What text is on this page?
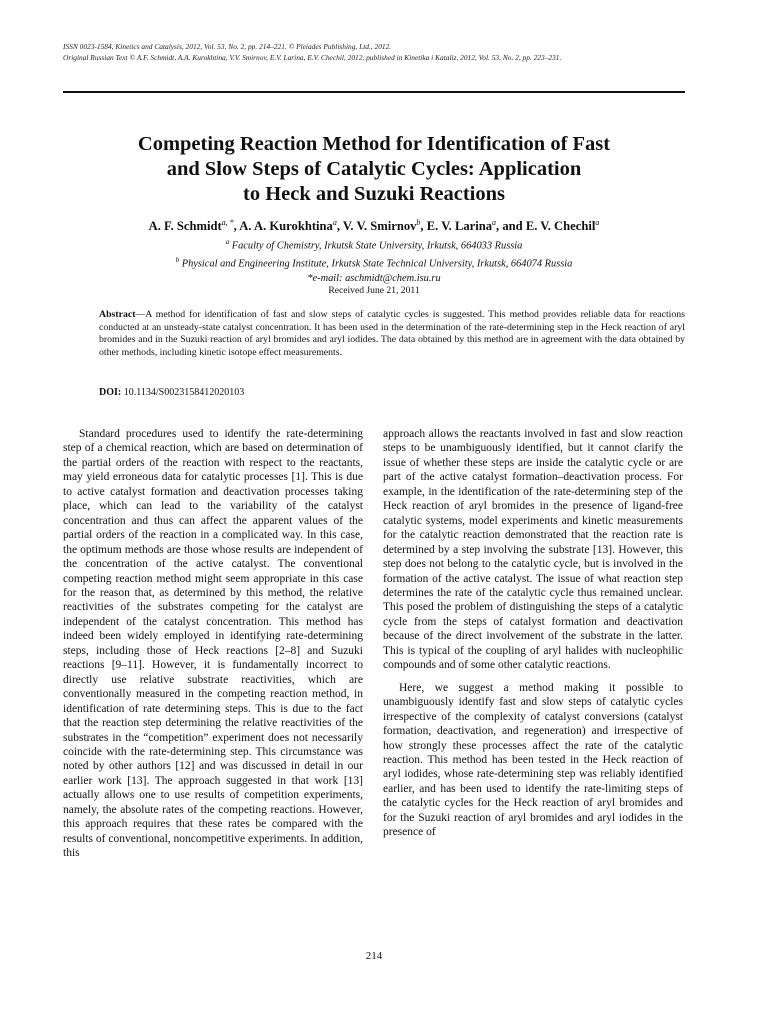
ISSN 0023-1584, Kinetics and Catalysis, 2012, Vol. 53, No. 2, pp. 214–221. © Pleiades Publishing, Ltd., 2012.
Original Russian Text © A.F. Schmidt, A.A. Kurokhtina, V.V. Smirnov, E.V. Larina, E.V. Chechil, 2012, published in Kinetika i Kataliz, 2012, Vol. 53, No. 2, pp. 223–231.
Competing Reaction Method for Identification of Fast
and Slow Steps of Catalytic Cycles: Application
to Heck and Suzuki Reactions
A. F. Schmidt$^{a, *}$, A. A. Kurokhtina$^a$, V. V. Smirnov$^b$, E. V. Larina$^a$, and E. V. Chechil$^a$
$^a$ Faculty of Chemistry, Irkutsk State University, Irkutsk, 664033 Russia
$^b$ Physical and Engineering Institute, Irkutsk State Technical University, Irkutsk, 664074 Russia
*e-mail: aschmidt@chem.isu.ru
Received June 21, 2011
Abstract—A method for identification of fast and slow steps of catalytic cycles is suggested. This method provides reliable data for reactions conducted at an unsteady-state catalyst concentration. It has been used in the determination of the rate-determining step in the Heck reaction of aryl bromides and in the Suzuki reaction of aryl bromides and aryl iodides. The data obtained by this method are in agreement with the data obtained by other methods, including kinetic isotope effect measurements.
DOI: 10.1134/S0023158412020103

Standard procedures used to identify the rate-determining step of a chemical reaction, which are based on determination of the partial orders of the reaction with respect to the reactants, may yield erroneous data for catalytic processes [1]. This is due to active catalyst formation and deactivation processes taking place, which can lead to the variability of the catalyst concentration and thus can affect the apparent values of the partial orders of the reaction in a complicated way. In this case, the optimum methods are those whose results are independent of the concentration of the active catalyst. The conventional competing reaction method might seem appropriate in this case for the reason that, as determined by this method, the relative reactivities of the substrates competing for the catalyst are independent of the catalyst concentration. This method has indeed been widely employed in identifying rate-determining steps, including those of Heck reactions [2–8] and Suzuki reactions [9–11]. However, it is fundamentally incorrect to directly use relative substrate reactivities, which are conventionally measured in the competing reaction method, in identification of rate determining steps. This is due to the fact that the reaction step determining the relative reactivities of the substrates in the “competition” experiment does not necessarily coincide with the rate-determining step. This circumstance was noted by other authors [12] and was discussed in detail in our earlier work [13]. The approach suggested in that work [13] actually allows one to use results of competition experiments, namely, the absolute rates of the competing reactions. However, this approach requires that these rates be compared with the results of conventional, noncompetitive experiments. In addition, this

approach allows the reactants involved in fast and slow reaction steps to be unambiguously identified, but it cannot clarify the issue of whether these steps are inside the catalytic cycle or are part of the active catalyst formation–deactivation process. For example, in the identification of the rate-determining step of the Heck reaction of aryl bromides in the presence of ligand-free catalytic systems, model experiments and kinetic measurements for the catalytic reaction demonstrated that the reaction rate is determined by a step involving the substrate [13]. However, this step does not belong to the catalytic cycle, but is involved in the formation of the active catalyst. The issue of what reaction step determines the rate of the catalytic cycle thus remained unclear. This posed the problem of distinguishing the steps of a catalytic cycle from the steps of catalyst formation and deactivation because of the direct involvement of the substrate in the latter. This is typical of the coupling of aryl halides with nucleophilic compounds and of some other catalytic reactions.

Here, we suggest a method making it possible to unambiguously identify fast and slow steps of catalytic cycles irrespective of the complexity of catalyst conversions (catalyst formation, deactivation, and regeneration) and irrespective of how strongly these processes affect the rate of the catalytic reaction. This method has been tested in the Heck reaction of aryl iodides, whose rate-determining step was reliably identified earlier, and has been used to identify the rate-limiting steps of the catalytic cycles for the Heck reaction of aryl bromides and for the Suzuki reaction of aryl bromides and aryl iodides in the presence of

214
